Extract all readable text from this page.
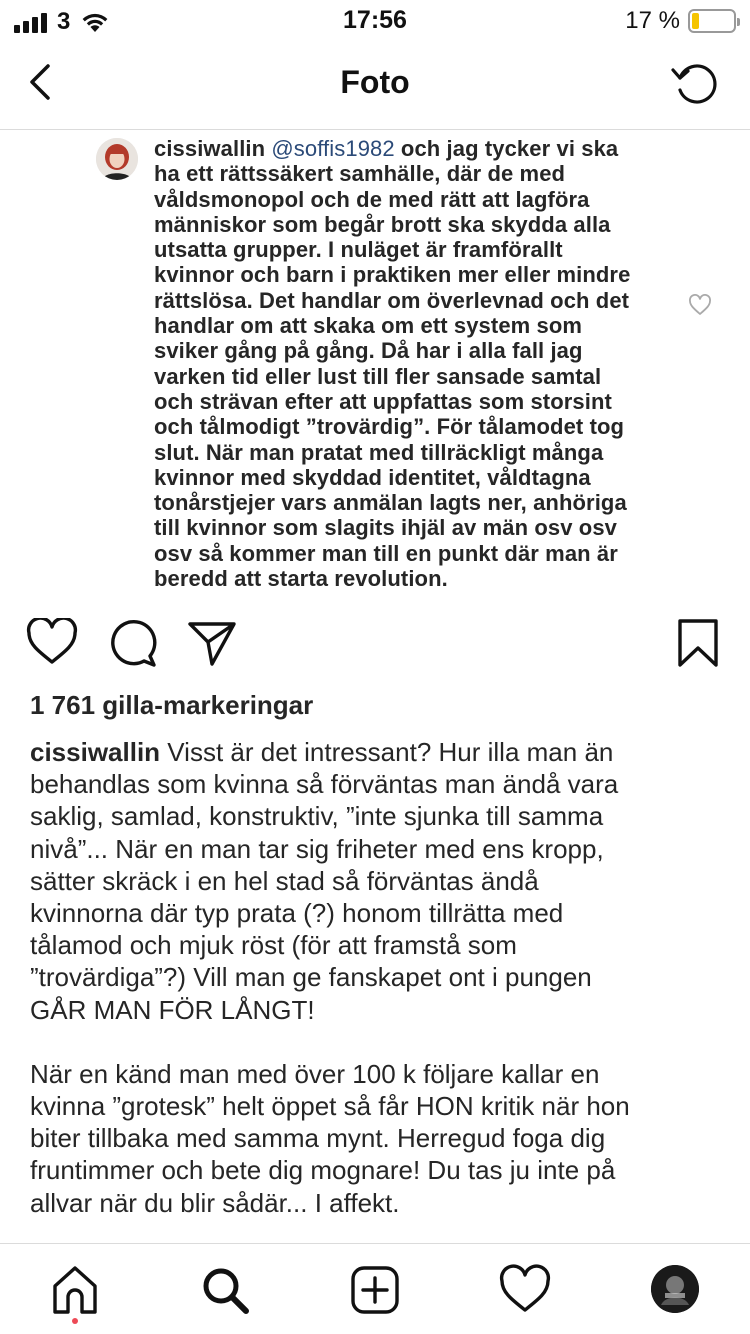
3	17:56	17 %
Foto
cissiwallin @soffis1982 och jag tycker vi ska
ha ett rättssäkert samhälle, där de med
våldsmonopol och de med rätt att lagföra
människor som begår brott ska skydda alla
utsatta grupper. I nuläget är framförallt
kvinnor och barn i praktiken mer eller mindre
rättslösa. Det handlar om överlevnad och det
handlar om att skaka om ett system som
sviker gång på gång. Då har i alla fall jag
varken tid eller lust till fler sansade samtal
och strävan efter att uppfattas som storsint
och tålmodigt ”trovärdig”. För tålamodet tog
slut. När man pratat med tillräckligt många
kvinnor med skyddad identitet, våldtagna
tonårstjejer vars anmälan lagts ner, anhöriga
till kvinnor som slagits ihjäl av män osv osv
osv så kommer man till en punkt där man är
beredd att starta revolution.
1 761 gilla-markeringar

cissiwallin Visst är det intressant? Hur illa man än
behandlas som kvinna så förväntas man ändå vara
saklig, samlad, konstruktiv, ”inte sjunka till samma
nivå”... När en man tar sig friheter med ens kropp,
sätter skräck i en hel stad så förväntas ändå
kvinnorna där typ prata (?) honom tillrätta med
tålamod och mjuk röst (för att framstå som
”trovärdiga”?) Vill man ge fanskapet ont i pungen
GÅR MAN FÖR LÅNGT!

När en känd man med över 100 k följare kallar en
kvinna ”grotesk” helt öppet så får HON kritik när hon
biter tillbaka med samma mynt. Herregud foga dig
fruntimmer och bete dig mognare! Du tas ju inte på
allvar när du blir sådär... I affekt.
